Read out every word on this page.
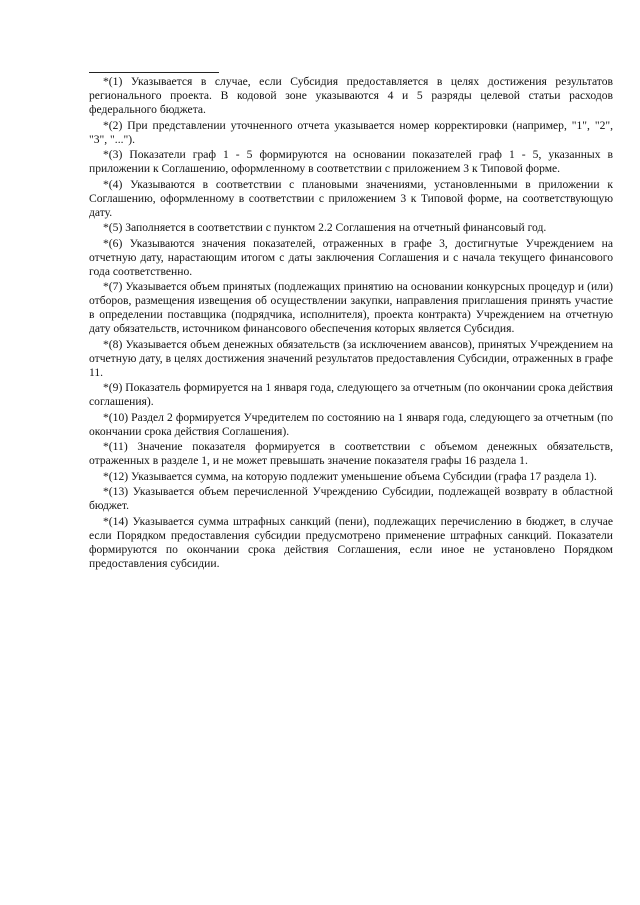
*(1) Указывается в случае, если Субсидия предоставляется в целях достижения результатов регионального проекта. В кодовой зоне указываются 4 и 5 разряды целевой статьи расходов федерального бюджета.

*(2) При представлении уточненного отчета указывается номер корректировки (например, "1", "2", "3", "...").

*(3) Показатели граф 1 - 5 формируются на основании показателей граф 1 - 5, указанных в приложении к Соглашению, оформленному в соответствии с приложением 3 к Типовой форме.

*(4) Указываются в соответствии с плановыми значениями, установленными в приложении к Соглашению, оформленному в соответствии с приложением 3 к Типовой форме, на соответствующую дату.

*(5) Заполняется в соответствии с пунктом 2.2 Соглашения на отчетный финансовый год.

*(6) Указываются значения показателей, отраженных в графе 3, достигнутые Учреждением на отчетную дату, нарастающим итогом с даты заключения Соглашения и с начала текущего финансового года соответственно.

*(7) Указывается объем принятых (подлежащих принятию на основании конкурсных процедур и (или) отборов, размещения извещения об осуществлении закупки, направления приглашения принять участие в определении поставщика (подрядчика, исполнителя), проекта контракта) Учреждением на отчетную дату обязательств, источником финансового обеспечения которых является Субсидия.

*(8) Указывается объем денежных обязательств (за исключением авансов), принятых Учреждением на отчетную дату, в целях достижения значений результатов предоставления Субсидии, отраженных в графе 11.

*(9) Показатель формируется на 1 января года, следующего за отчетным (по окончании срока действия соглашения).

*(10) Раздел 2 формируется Учредителем по состоянию на 1 января года, следующего за отчетным (по окончании срока действия Соглашения).

*(11) Значение показателя формируется в соответствии с объемом денежных обязательств, отраженных в разделе 1, и не может превышать значение показателя графы 16 раздела 1.

*(12) Указывается сумма, на которую подлежит уменьшение объема Субсидии (графа 17 раздела 1).

*(13) Указывается объем перечисленной Учреждению Субсидии, подлежащей возврату в областной бюджет.

*(14) Указывается сумма штрафных санкций (пени), подлежащих перечислению в бюджет, в случае если Порядком предоставления субсидии предусмотрено применение штрафных санкций. Показатели формируются по окончании срока действия Соглашения, если иное не установлено Порядком предоставления субсидии.
